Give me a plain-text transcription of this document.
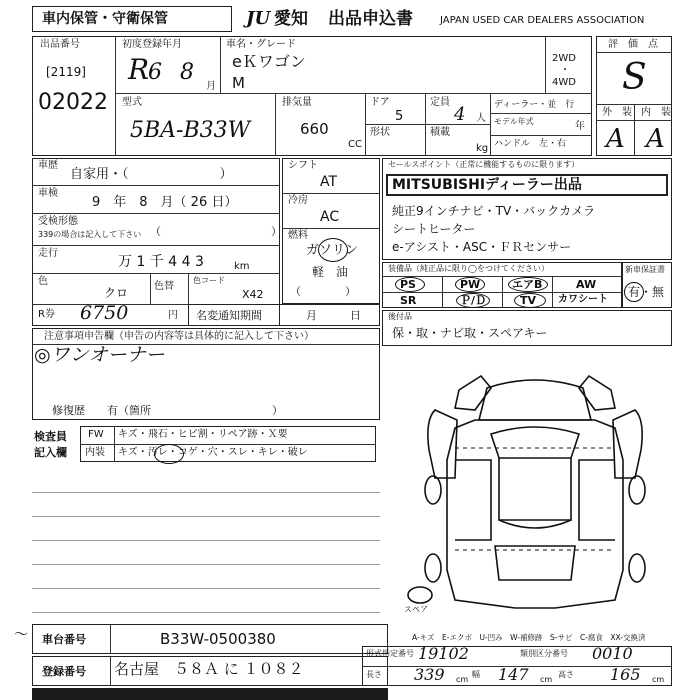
車内保管・守衛保管	JU 愛知 出品申込書	JAPAN USED CAR DEALERS ASSOCIATION
出品番号
[2119]
02022
初度登録年月
R
6 8
月
車名・グレード
eＫワゴン
M
2WD
・
4WD
型式
5BA-B33W
排気量
660
CC
ドア
5
形状
定員
4 人
積載
kg
ディーラー・並　行
モデル年式	年
ハンドル　左・右
評　価　点
S
外　装 内　装
A A
車歴
自家用・（　　　　　　　）
車検
9　年　8　月（ 26 日）
受検形態
339の場合は記入して下さい （　　　　　　　　　　）
走行
万 1 千 4 4 3	km
色
クロ	色替
色コード
X42
R券 6750	円 名変通知期間　　　　月　　　日
シフト
AT
冷房
AC
燃料
ガソリン
軽　油
（　　　　）
セールスポイント（正常に機能するものに限ります）
MITSUBISHIディーラー出品
純正9インチナビ・TV・バックカメラ
シートヒーター
e-アシスト・ASC・ＦＲセンサー
装備品（純正品に限り◯をつけてください）
PS	PW	エアB	AW
SR	Ｐ/Ｄ	TV カワシート
新車保証書
有・無
後付品
保・取・ナビ取・スペアキー
注意事項申告欄（申告の内容等は具体的に記入して下さい）
◎ワンオーナー
修復歴　　有（箇所　　　　　　　　　　　）
検査員
記入欄
FW キズ・飛石・ヒビ割・リペア跡・Ｘ要
内装 キズ・汚レ・コゲ・穴・スレ・キレ・破レ
スペア
A-キズ　E-エクボ　U-凹み　W-補修跡　S-サビ　C-腐食　XX-交換済
〜 車台番号	B33W-0500380
登録番号 名古屋　５８Ａ に １０８２
形式指定番号 19102	類別区分番号 0010
長さ 339 cm
幅 147 cm
高さ 165 cm
